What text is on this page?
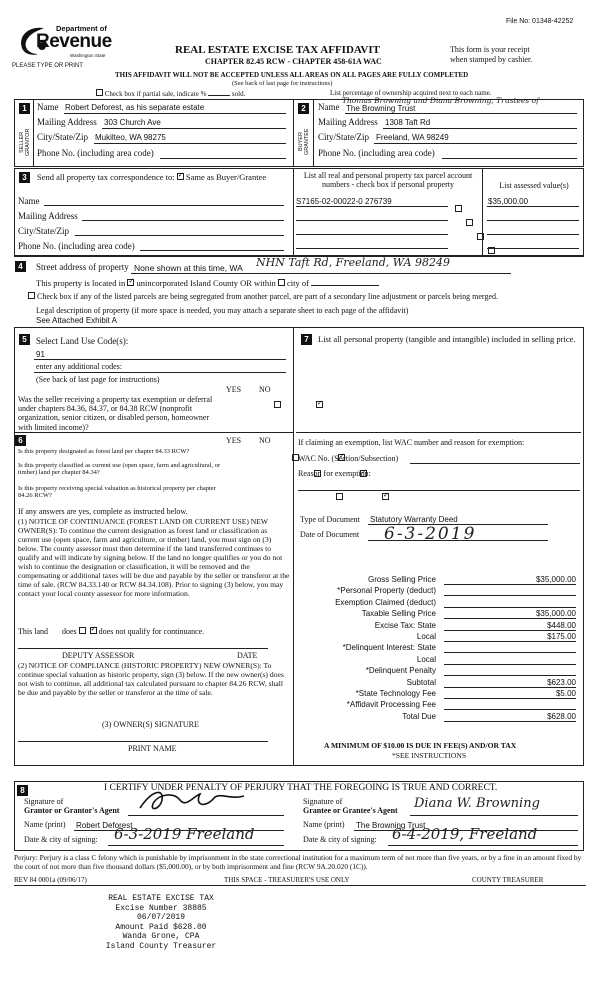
File No: 01348-42252
Department of
Revenue
Washington State
PLEASE TYPE OR PRINT
REAL ESTATE EXCISE TAX AFFIDAVIT
CHAPTER 82.45 RCW - CHAPTER 458-61A WAC
This form is your receipt
when stamped by cashier.
THIS AFFIDAVIT WILL NOT BE ACCEPTED UNLESS ALL AREAS ON ALL PAGES ARE FULLY COMPLETED
(See back of last page for instructions)
Check box if partial sale, indicate %	sold.	List percentage of ownership acquired next to each name.
1
SELLER GRANTOR
Name Robert Deforest, as his separate estate
Mailing Address 303 Church Ave
City/State/Zip Mukilteo, WA 98275
Phone No. (including area code)
2
BUYER GRANTEE
Name
Thomas Browning and Diana Browning, Trustees of
The Browning Trust
Mailing Address 1308 Taft Rd
City/State/Zip Freeland, WA 98249
Phone No. (including area code)
3	Send all property tax correspondence to: ✓ Same as Buyer/Grantee
Name
Mailing Address
City/State/Zip
Phone No. (including area code)
List all real and personal property tax parcel account numbers - check box if personal property	List assessed value(s)
S7165-02-00022-0 276739	$35,000.00

4	Street address of property None shown at this time, WA NHN Taft Rd, Freeland, WA 98249
This property is located in ✓ unincorporated Island County OR within city of
Check box if any of the listed parcels are being segregated from another parcel, are part of a secondary line adjustment or parcels being merged.
Legal description of property (if more space is needed, you may attach a separate sheet to each page of the affidavit)
See Attached Exhibit A
5	Select Land Use Code(s):
91
enter any additional codes:
(See back of last page for instructions)
YES NO
Was the seller receiving a property tax exemption or deferral under chapters 84.36, 84.37, or 84.38 RCW (nonprofit organization, senior citizen, or disabled person, homeowner with limited income)?
✓
6	YES NO
Is this property designated as forest land per chapter 84.33 RCW?
✓
Is this property classified as current use (open space, farm and agricultural, or timber) land per chapter 84.34?
✓
Is this property receiving special valuation as historical property per chapter 84.26 RCW?
✓
If any answers are yes, complete as instructed below.
(1) NOTICE OF CONTINUANCE (FOREST LAND OR CURRENT USE) NEW OWNER(S): To continue the current designation as forest land or classification as current use (open space, farm and agriculture, or timber) land, you must sign on (3) below. The county assessor must then determine if the land transferred continues to qualify and will indicate by signing below. If the land no longer qualifies or you do not wish to continue the designation or classification, it will be removed and the compensating or additional taxes will be due and payable by the seller or transferor at the time of sale. (RCW 84.33.140 or RCW 84.34.108). Prior to signing (3) below, you may contact your local county assessor for more information.
This land does ✓	does not qualify for continuance.
DEPUTY ASSESSOR	DATE
(2) NOTICE OF COMPLIANCE (HISTORIC PROPERTY) NEW OWNER(S): To continue special valuation as historic property, sign (3) below. If the new owner(s) does not wish to continue, all additional tax calculated pursuant to chapter 84.26 RCW, shall be due and payable by the seller or transferor at the time of sale.
(3) OWNER(S) SIGNATURE
PRINT NAME
7	List all personal property (tangible and intangible) included in selling price.
If claiming an exemption, list WAC number and reason for exemption:
WAC No. (Section/Subsection)
Reason for exemption:
Type of Document Statutory Warranty Deed
Date of Document 6-3-2019
Gross Selling Price	$35,000.00
*Personal Property (deduct)
Exemption Claimed (deduct)
Taxable Selling Price	$35,000.00
Excise Tax: State	$448.00
Local	$175.00
*Delinquent Interest: State
Local
*Delinquent Penalty
Subtotal	$623.00
*State Technology Fee	$5.00
*Affidavit Processing Fee
Total Due	$628.00
A MINIMUM OF $10.00 IS DUE IN FEE(S) AND/OR TAX
*SEE INSTRUCTIONS
8	I CERTIFY UNDER PENALTY OF PERJURY THAT THE FOREGOING IS TRUE AND CORRECT.
Signature of
Grantor or Grantor's Agent
Name (print) Robert Deforest
Date & city of signing: 6-3-2019 Freeland
Signature of
Grantee or Grantee's Agent Diana W. Browning
Name (print) The Browning Trust
Date & city of signing: 6-4-2019, Freeland
Perjury: Perjury is a class C felony which is punishable by imprisonment in the state correctional institution for a maximum term of not more than five years, or by a fine in an amount fixed by the court of not more than five thousand dollars ($5,000.00), or by both imprisonment and fine (RCW 9A.20.020 (1C)).
REV 84 0001a (09/06/17)	THIS SPACE - TREASURER'S USE ONLY	COUNTY TREASURER
REAL ESTATE EXCISE TAX
Excise Number 38885
06/07/2019
Amount Paid $628.00
Wanda Grone, CPA
Island County Treasurer
